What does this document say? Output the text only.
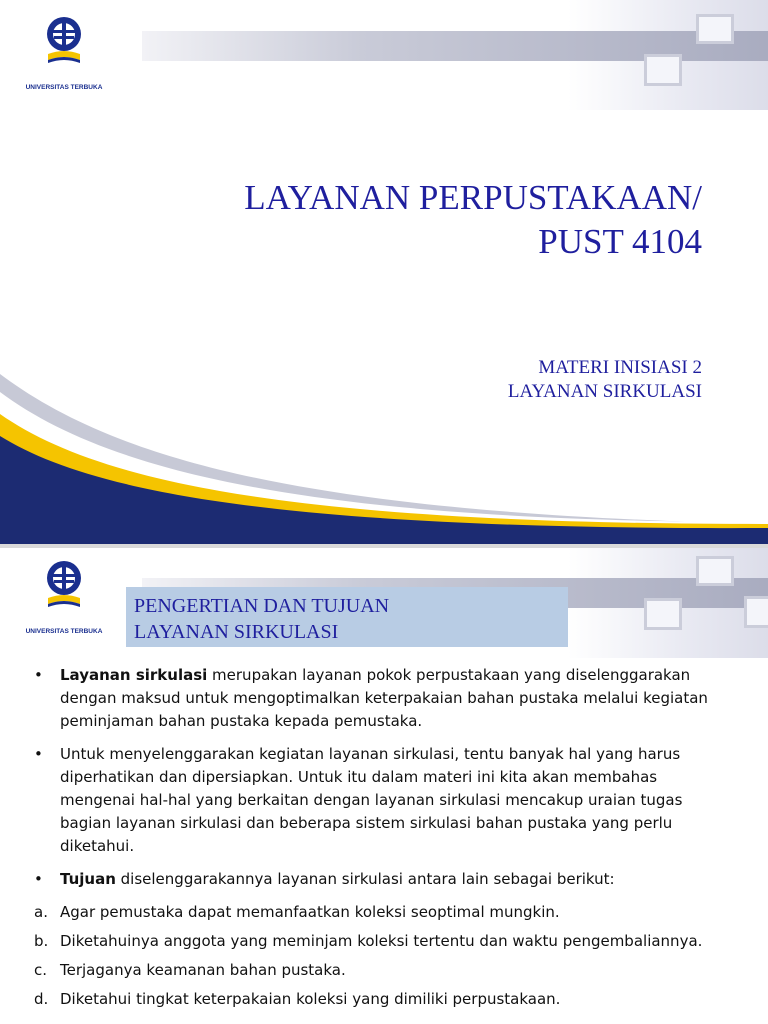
UNIVERSITAS TERBUKA
LAYANAN PERPUSTAKAAN/
PUST 4104
MATERI INISIASI 2
LAYANAN SIRKULASI
UNIVERSITAS TERBUKA
PENGERTIAN DAN TUJUAN
LAYANAN SIRKULASI
• Layanan sirkulasi merupakan layanan pokok perpustakaan yang diselenggarakan dengan maksud untuk mengoptimalkan keterpakaian bahan pustaka melalui kegiatan peminjaman bahan pustaka kepada pemustaka.
• Untuk menyelenggarakan kegiatan layanan sirkulasi, tentu banyak hal yang harus diperhatikan dan dipersiapkan. Untuk itu dalam materi ini kita akan membahas mengenai hal-hal yang berkaitan dengan layanan sirkulasi mencakup uraian tugas bagian layanan sirkulasi dan beberapa sistem sirkulasi bahan pustaka yang perlu diketahui.
• Tujuan diselenggarakannya layanan sirkulasi antara lain sebagai berikut:
a. Agar pemustaka dapat memanfaatkan koleksi seoptimal mungkin.
b. Diketahuinya anggota yang meminjam koleksi tertentu dan waktu pengembaliannya.
c. Terjaganya keamanan bahan pustaka.
d. Diketahui tingkat keterpakaian koleksi yang dimiliki perpustakaan.
